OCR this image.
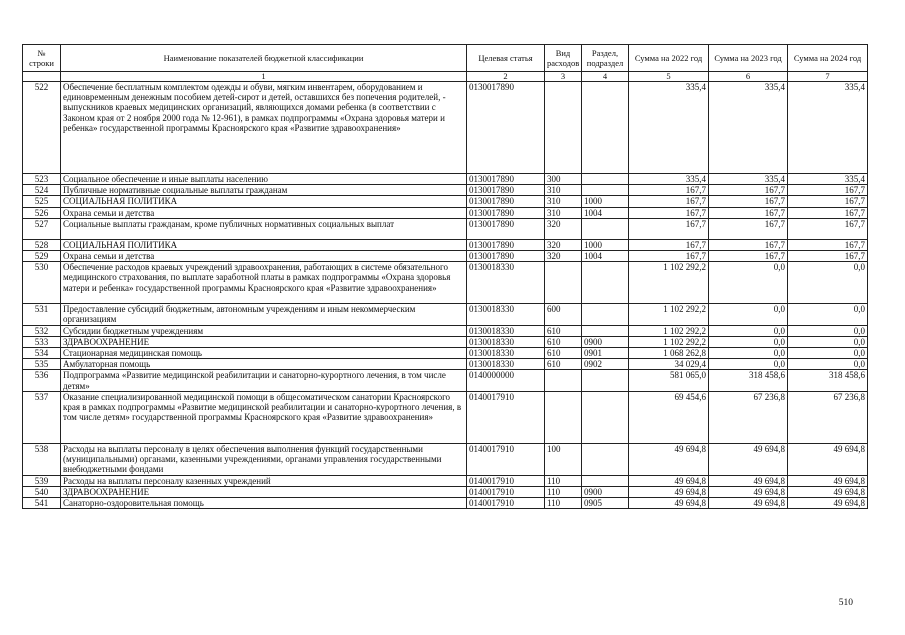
№ строки	Наименование показателей бюджетной классификации	Целевая статья	Вид расходов	Раздел, подраздел	Сумма на 2022 год	Сумма на 2023 год	Сумма на 2024 год
	1	2	3	4	5	6	7
522	Обеспечение бесплатным комплектом одежды и обуви, мягким инвентарем, оборудованием и единовременным денежным пособием детей-сирот и детей, оставшихся без попечения родителей, - выпускников краевых медицинских организаций, являющихся домами ребенка (в соответствии с Законом края от 2 ноября 2000 года № 12-961), в рамках подпрограммы «Охрана здоровья матери и ребенка» государственной программы Красноярского края «Развитие здравоохранения»	0130017890			335,4	335,4	335,4
523	Социальное обеспечение и иные выплаты населению	0130017890	300		335,4	335,4	335,4
524	Публичные нормативные социальные выплаты гражданам	0130017890	310		167,7	167,7	167,7
525	СОЦИАЛЬНАЯ ПОЛИТИКА	0130017890	310	1000	167,7	167,7	167,7
526	Охрана семьи и детства	0130017890	310	1004	167,7	167,7	167,7
527	Социальные выплаты гражданам, кроме публичных нормативных социальных выплат	0130017890	320		167,7	167,7	167,7
528	СОЦИАЛЬНАЯ ПОЛИТИКА	0130017890	320	1000	167,7	167,7	167,7
529	Охрана семьи и детства	0130017890	320	1004	167,7	167,7	167,7
530	Обеспечение расходов краевых учреждений здравоохранения, работающих в системе обязательного медицинского страхования, по выплате заработной платы в рамках подпрограммы «Охрана здоровья матери и ребенка» государственной программы Красноярского края «Развитие здравоохранения»	0130018330			1 102 292,2	0,0	0,0
531	Предоставление субсидий бюджетным, автономным учреждениям и иным некоммерческим организациям	0130018330	600		1 102 292,2	0,0	0,0
532	Субсидии бюджетным учреждениям	0130018330	610		1 102 292,2	0,0	0,0
533	ЗДРАВООХРАНЕНИЕ	0130018330	610	0900	1 102 292,2	0,0	0,0
534	Стационарная медицинская помощь	0130018330	610	0901	1 068 262,8	0,0	0,0
535	Амбулаторная помощь	0130018330	610	0902	34 029,4	0,0	0,0
536	Подпрограмма «Развитие медицинской реабилитации и санаторно-курортного лечения, в том числе детям»	0140000000			581 065,0	318 458,6	318 458,6
537	Оказание специализированной медицинской помощи в общесоматическом санатории Красноярского края в рамках подпрограммы «Развитие медицинской реабилитации и санаторно-курортного лечения, в том числе детям» государственной программы Красноярского края «Развитие здравоохранения»	0140017910			69 454,6	67 236,8	67 236,8
538	Расходы на выплаты персоналу в целях обеспечения выполнения функций государственными (муниципальными) органами, казенными учреждениями, органами управления государственными внебюджетными фондами	0140017910	100		49 694,8	49 694,8	49 694,8
539	Расходы на выплаты персоналу казенных учреждений	0140017910	110		49 694,8	49 694,8	49 694,8
540	ЗДРАВООХРАНЕНИЕ	0140017910	110	0900	49 694,8	49 694,8	49 694,8
541	Санаторно-оздоровительная помощь	0140017910	110	0905	49 694,8	49 694,8	49 694,8
510
